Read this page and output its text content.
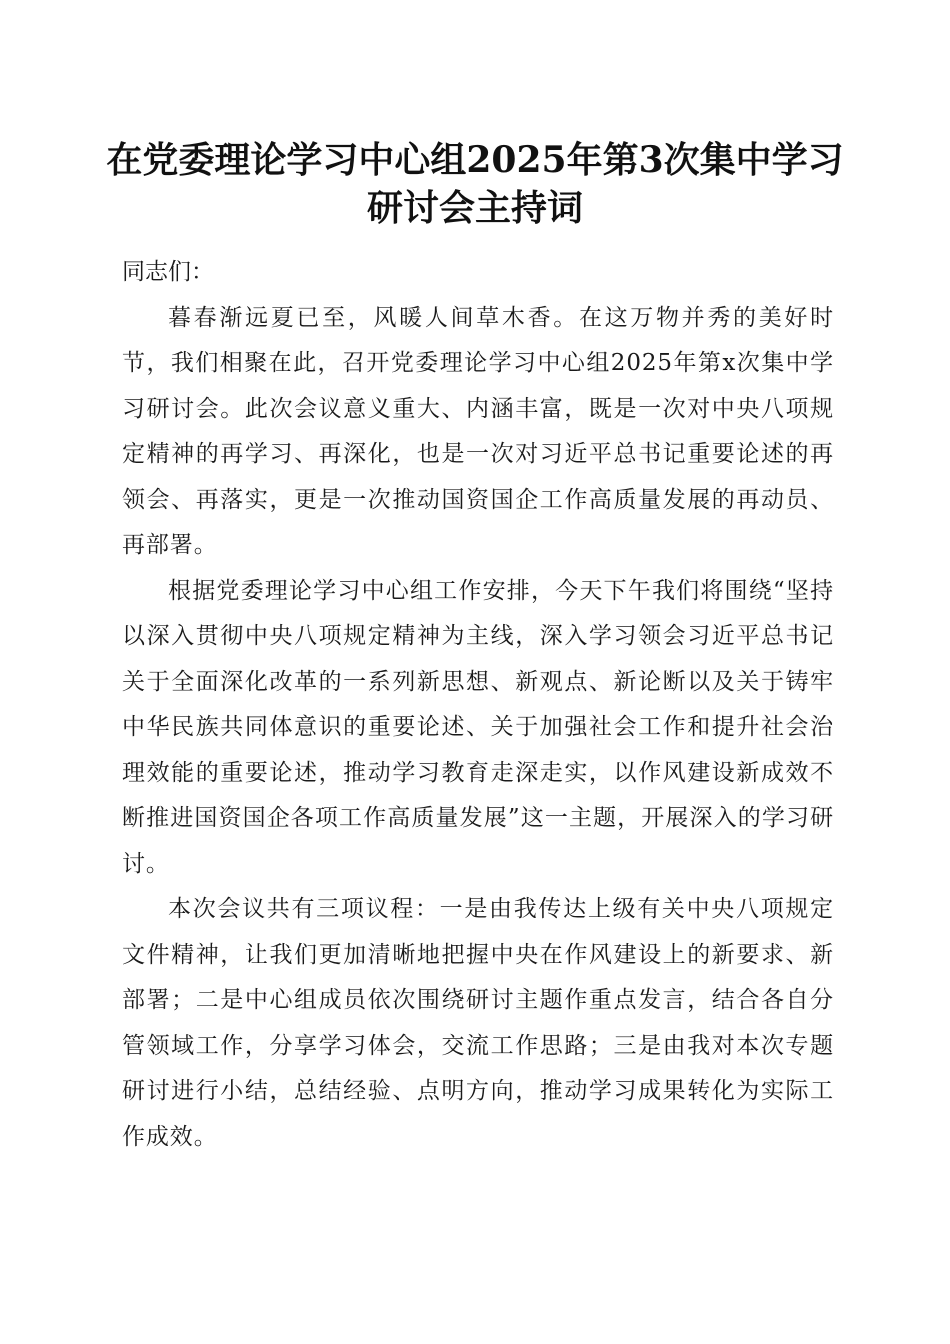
在党委理论学习中心组2025年第3次集中学习研讨会主持词

同志们：

暮春渐远夏已至，风暖人间草木香。在这万物并秀的美好时节，我们相聚在此，召开党委理论学习中心组2025年第x次集中学习研讨会。此次会议意义重大、内涵丰富，既是一次对中央八项规定精神的再学习、再深化，也是一次对习近平总书记重要论述的再领会、再落实，更是一次推动国资国企工作高质量发展的再动员、再部署。

根据党委理论学习中心组工作安排，今天下午我们将围绕“坚持以深入贯彻中央八项规定精神为主线，深入学习领会习近平总书记关于全面深化改革的一系列新思想、新观点、新论断以及关于铸牢中华民族共同体意识的重要论述、关于加强社会工作和提升社会治理效能的重要论述，推动学习教育走深走实，以作风建设新成效不断推进国资国企各项工作高质量发展”这一主题，开展深入的学习研讨。

本次会议共有三项议程：一是由我传达上级有关中央八项规定文件精神，让我们更加清晰地把握中央在作风建设上的新要求、新部署；二是中心组成员依次围绕研讨主题作重点发言，结合各自分管领域工作，分享学习体会，交流工作思路；三是由我对本次专题研讨进行小结，总结经验、点明方向，推动学习成果转化为实际工作成效。
